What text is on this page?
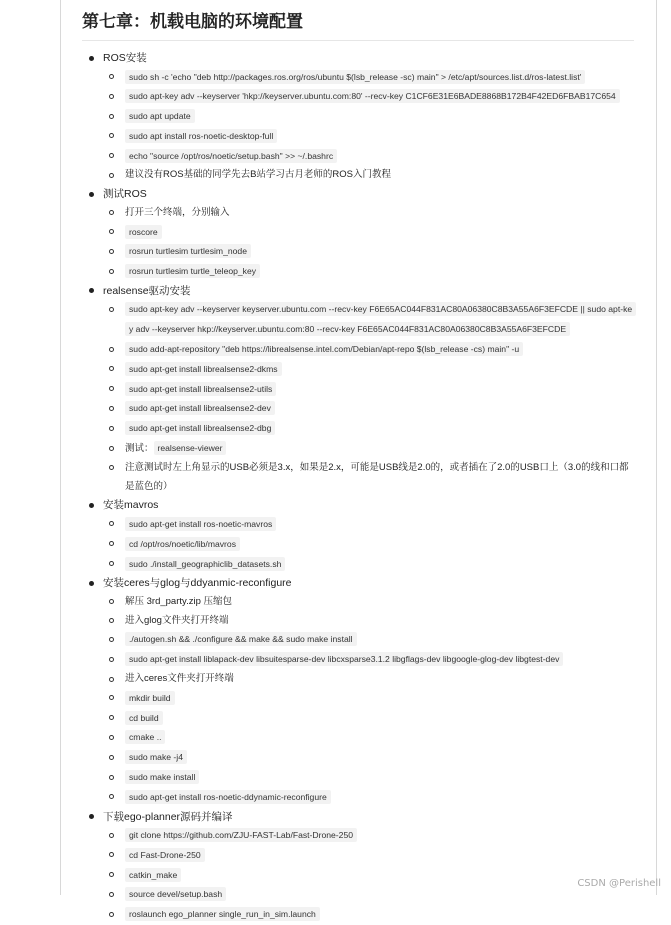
第七章：机载电脑的环境配置
ROS安装
sudo sh -c 'echo "deb http://packages.ros.org/ros/ubuntu $(lsb_release -sc) main" > /etc/apt/sources.list.d/ros-latest.list'
sudo apt-key adv --keyserver 'hkp://keyserver.ubuntu.com:80' --recv-key C1CF6E31E6BADE8868B172B4F42ED6FBAB17C654
sudo apt update
sudo apt install ros-noetic-desktop-full
echo "source /opt/ros/noetic/setup.bash" >> ~/.bashrc
建议没有ROS基础的同学先去B站学习古月老师的ROS入门教程
测试ROS
打开三个终端，分别输入
roscore
rosrun turtlesim turtlesim_node
rosrun turtlesim turtle_teleop_key
realsense驱动安装
sudo apt-key adv --keyserver keyserver.ubuntu.com --recv-key F6E65AC044F831AC80A06380C8B3A55A6F3EFCDE || sudo apt-key adv --keyserver hkp://keyserver.ubuntu.com:80 --recv-key F6E65AC044F831AC80A06380C8B3A55A6F3EFCDE
sudo add-apt-repository "deb https://librealsense.intel.com/Debian/apt-repo $(lsb_release -cs) main" -u
sudo apt-get install librealsense2-dkms
sudo apt-get install librealsense2-utils
sudo apt-get install librealsense2-dev
sudo apt-get install librealsense2-dbg
测试： realsense-viewer
注意测试时左上角显示的USB必须是3.x，如果是2.x，可能是USB线是2.0的，或者插在了2.0的USB口上（3.0的线和口都是蓝色的）
安装mavros
sudo apt-get install ros-noetic-mavros
cd /opt/ros/noetic/lib/mavros
sudo ./install_geographiclib_datasets.sh
安装ceres与glog与ddyanmic-reconfigure
解压 3rd_party.zip 压缩包
进入glog文件夹打开终端
./autogen.sh && ./configure && make && sudo make install
sudo apt-get install liblapack-dev libsuitesparse-dev libcxsparse3.1.2 libgflags-dev libgoogle-glog-dev libgtest-dev
进入ceres文件夹打开终端
mkdir build
cd build
cmake ..
sudo make -j4
sudo make install
sudo apt-get install ros-noetic-ddynamic-reconfigure
下载ego-planner源码并编译
git clone https://github.com/ZJU-FAST-Lab/Fast-Drone-250
cd Fast-Drone-250
catkin_make
source devel/setup.bash
roslaunch ego_planner single_run_in_sim.launch
CSDN @Perishell
